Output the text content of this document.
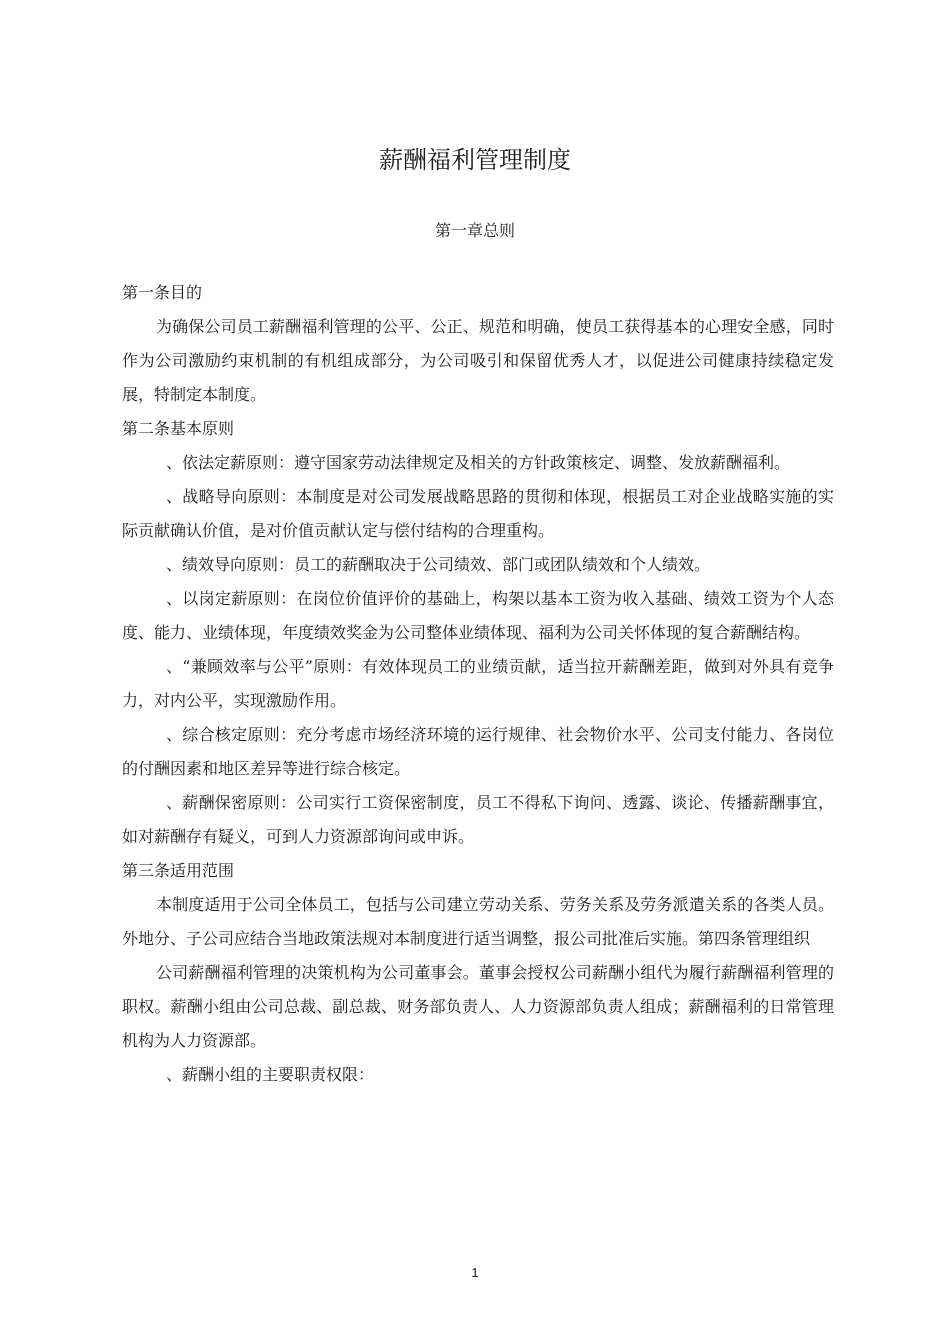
薪酬福利管理制度
第一章总则

第一条目的

为确保公司员工薪酬福利管理的公平、公正、规范和明确，使员工获得基本的心理安全感，同时作为公司激励约束机制的有机组成部分，为公司吸引和保留优秀人才，以促进公司健康持续稳定发展，特制定本制度。

第二条基本原则

、依法定薪原则：遵守国家劳动法律规定及相关的方针政策核定、调整、发放薪酬福利。

、战略导向原则：本制度是对公司发展战略思路的贯彻和体现，根据员工对企业战略实施的实际贡献确认价值，是对价值贡献认定与偿付结构的合理重构。

、绩效导向原则：员工的薪酬取决于公司绩效、部门或团队绩效和个人绩效。

、以岗定薪原则：在岗位价值评价的基础上，构架以基本工资为收入基础、绩效工资为个人态度、能力、业绩体现，年度绩效奖金为公司整体业绩体现、福利为公司关怀体现的复合薪酬结构。

、“兼顾效率与公平”原则：有效体现员工的业绩贡献，适当拉开薪酬差距，做到对外具有竞争力，对内公平，实现激励作用。

、综合核定原则：充分考虑市场经济环境的运行规律、社会物价水平、公司支付能力、各岗位的付酬因素和地区差异等进行综合核定。

、薪酬保密原则：公司实行工资保密制度，员工不得私下询问、透露、谈论、传播薪酬事宜，如对薪酬存有疑义，可到人力资源部询问或申诉。

第三条适用范围

本制度适用于公司全体员工，包括与公司建立劳动关系、劳务关系及劳务派遣关系的各类人员。外地分、子公司应结合当地政策法规对本制度进行适当调整，报公司批准后实施。第四条管理组织

公司薪酬福利管理的决策机构为公司董事会。董事会授权公司薪酬小组代为履行薪酬福利管理的职权。薪酬小组由公司总裁、副总裁、财务部负责人、人力资源部负责人组成；薪酬福利的日常管理机构为人力资源部。

、薪酬小组的主要职责权限：

1
